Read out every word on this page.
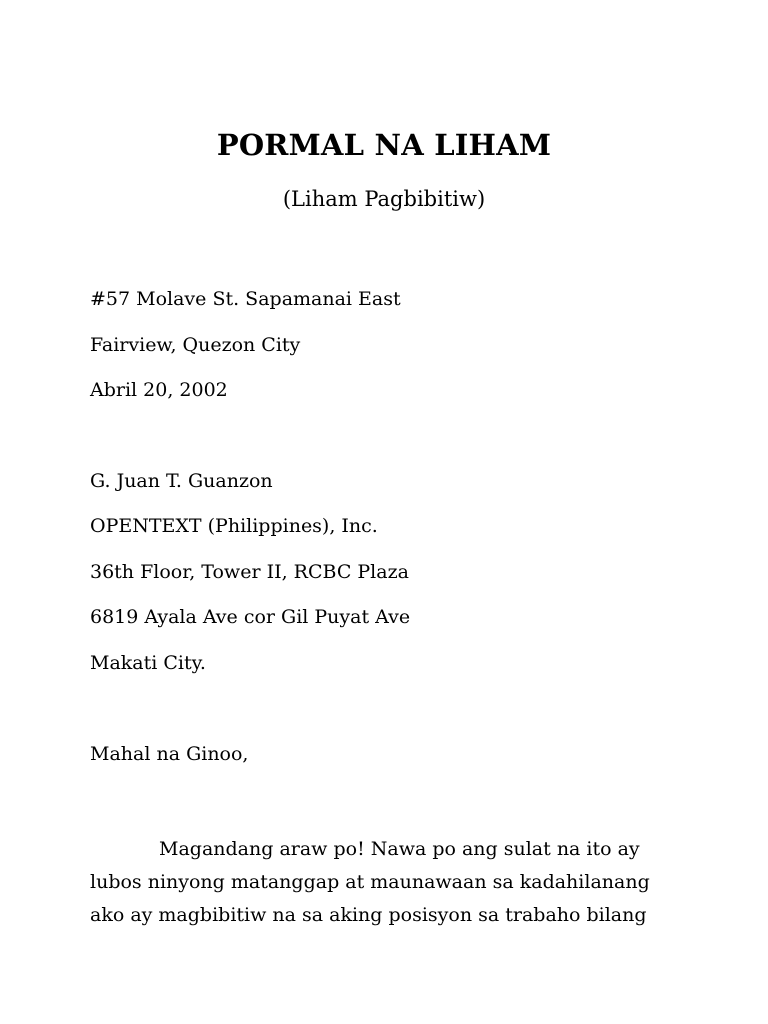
PORMAL NA LIHAM
(Liham Pagbibitiw)
#57 Molave St. Sapamanai East
Fairview, Quezon City
Abril 20, 2002
G. Juan T. Guanzon
OPENTEXT (Philippines), Inc.
36th Floor, Tower II, RCBC Plaza
6819 Ayala Ave cor Gil Puyat Ave
Makati City.
Mahal na Ginoo,
Magandang araw po! Nawa po ang sulat na ito ay
lubos ninyong matanggap at maunawaan sa kadahilanang
ako ay magbibitiw na sa aking posisyon sa trabaho bilang
